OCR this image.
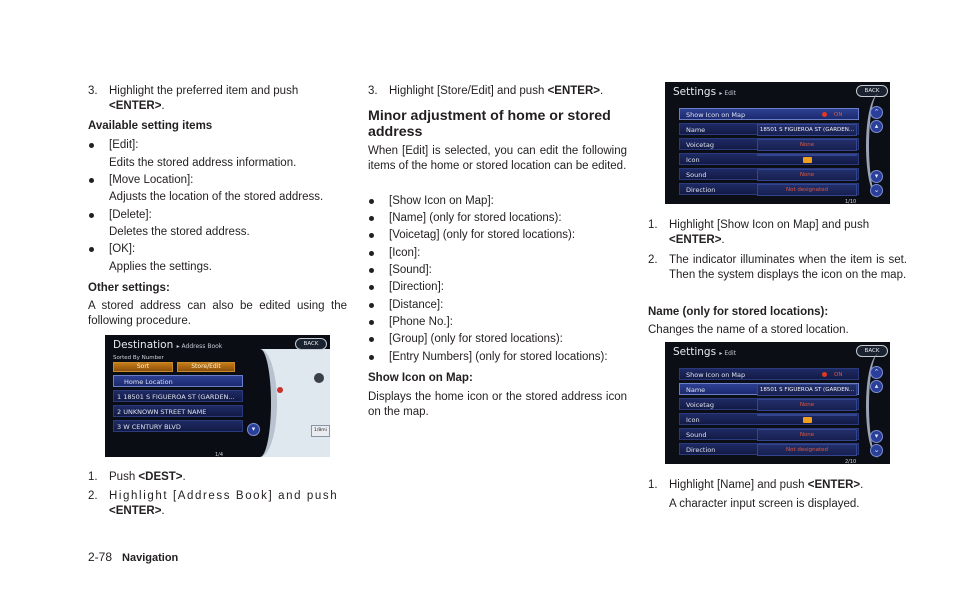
3. Highlight the preferred item and push
<ENTER>.
Available setting items
[Edit]:
Edits the stored address information.
[Move Location]:
Adjusts the location of the stored address.
[Delete]:
Deletes the stored address.
[OK]:
Applies the settings.
Other settings:
A stored address can also be edited using the following procedure.
Destination ▸ Address Book	BACK
Sorted By Number
Sort	Store/Edit
Home Location
1 18501 S FIGUEROA ST (GARDEN...
2 UNKNOWN STREET NAME
3 W CENTURY BLVD	▾
1/4
1/8mi
1. Push <DEST>.
2. Highlight [Address Book] and push
<ENTER>.
3. Highlight [Store/Edit] and push <ENTER>.
Minor adjustment of home or stored address
When [Edit] is selected, you can edit the following items of the home or stored location can be edited.
[Show Icon on Map]:
[Name] (only for stored locations):
[Voicetag] (only for stored locations):
[Icon]:
[Sound]:
[Direction]:
[Distance]:
[Phone No.]:
[Group] (only for stored locations):
[Entry Numbers] (only for stored locations):
Show Icon on Map:
Displays the home icon or the stored address icon on the map.
Settings ▸ Edit	BACK
Show Icon on Map	ON
Name	18501 S FIGUEROA ST (GARDEN...
Voicetag	None
Icon
Sound	None
Direction	Not designated
⌃
▴
▾
⌄
1/10
1. Highlight [Show Icon on Map] and push
<ENTER>.
2. The indicator illuminates when the item is set. Then the system displays the icon on the map.
Name (only for stored locations):
Changes the name of a stored location.
Settings ▸ Edit	BACK
Show Icon on Map	ON
Name	18501 S FIGUEROA ST (GARDEN...
Voicetag	None
Icon
Sound	None
Direction	Not designated
⌃
▴
▾
⌄
2/10
1. Highlight [Name] and push <ENTER>.
A character input screen is displayed.
2-78 Navigation
